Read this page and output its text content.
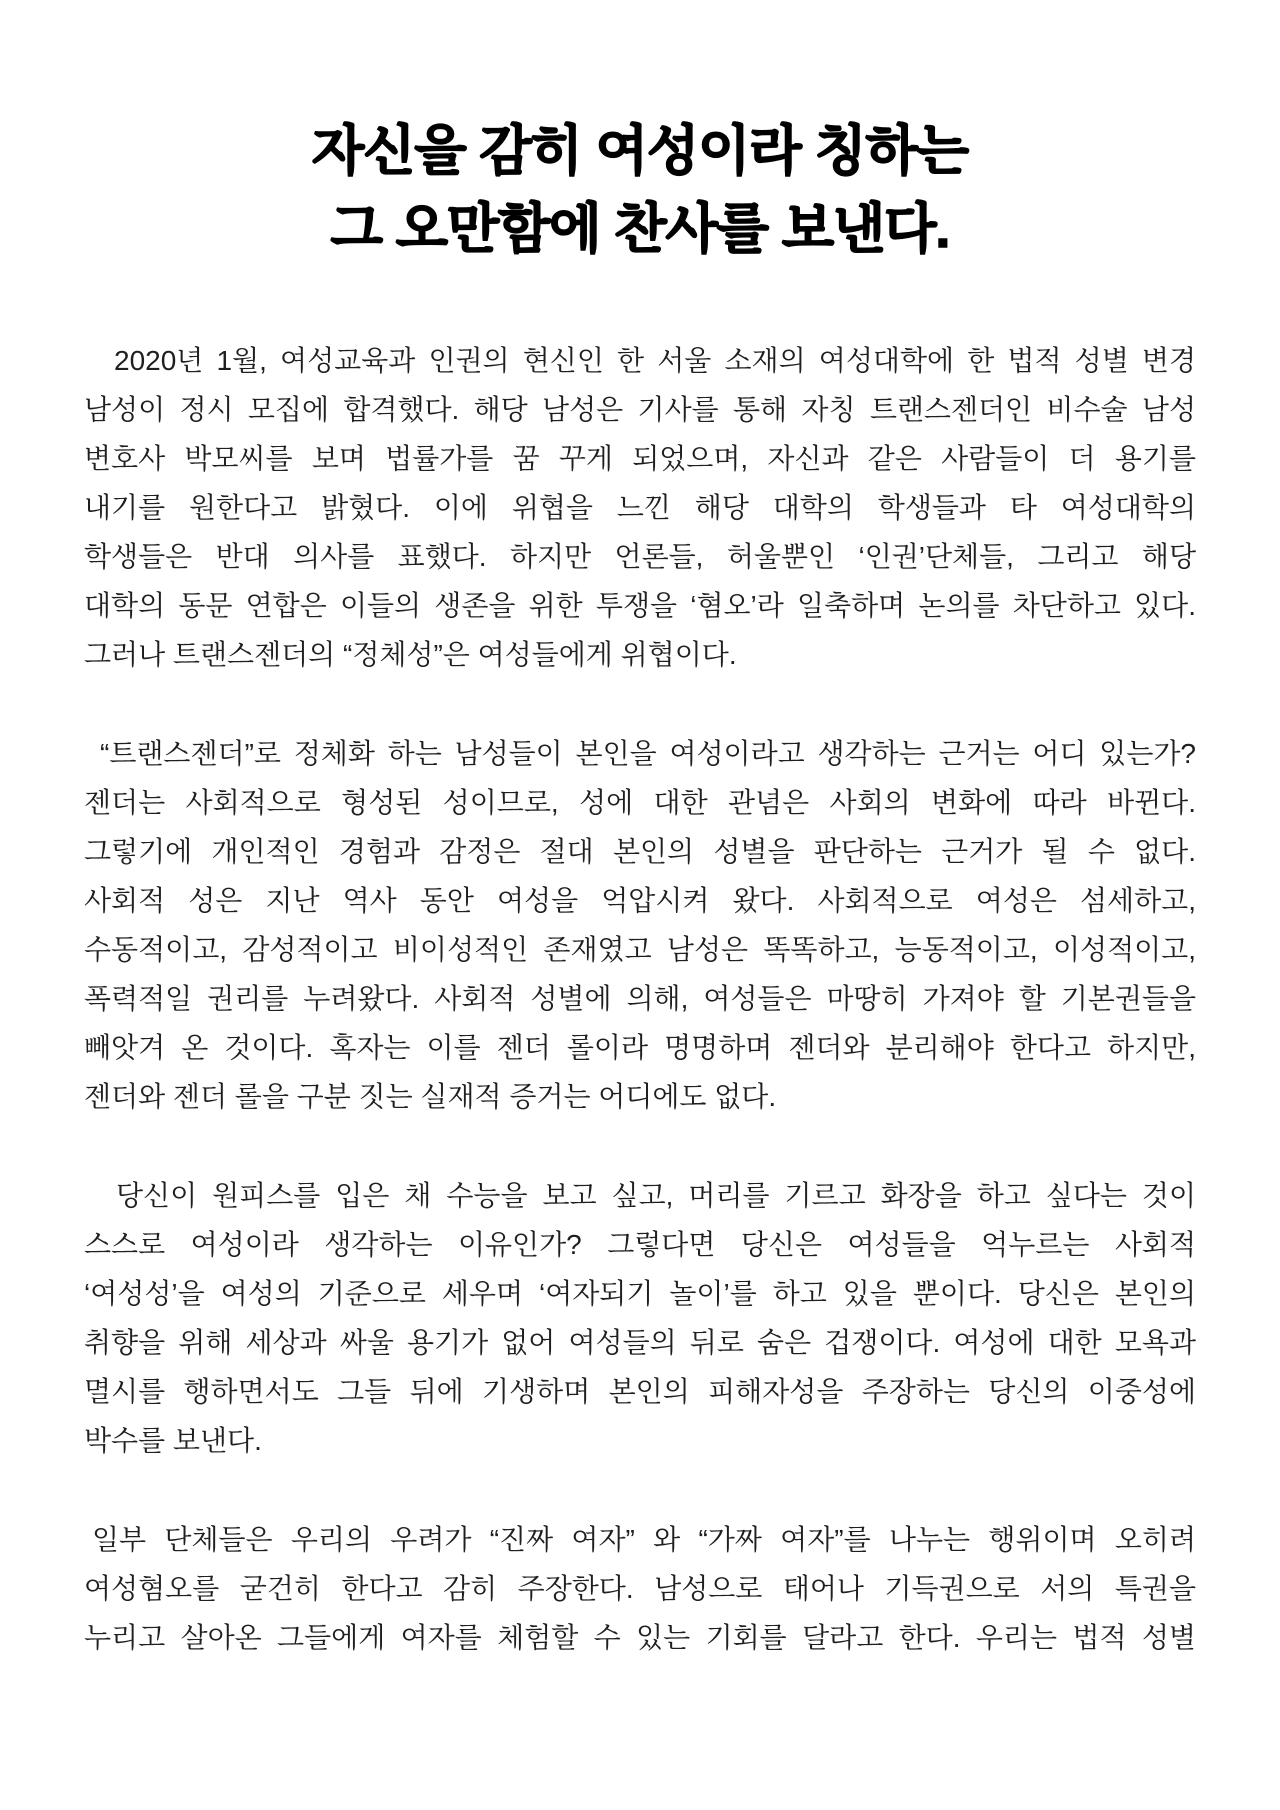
자신을 감히 여성이라 칭하는
그 오만함에 찬사를 보낸다.

2020년 1월, 여성교육과 인권의 현신인 한 서울 소재의 여성대학에 한 법적 성별 변경
남성이 정시 모집에 합격했다. 해당 남성은 기사를 통해 자칭 트랜스젠더인 비수술 남성
변호사 박모씨를 보며 법률가를 꿈 꾸게 되었으며, 자신과 같은 사람들이 더 용기를
내기를 원한다고 밝혔다. 이에 위협을 느낀 해당 대학의 학생들과 타 여성대학의
학생들은 반대 의사를 표했다. 하지만 언론들, 허울뿐인 ‘인권’단체들, 그리고 해당
대학의 동문 연합은 이들의 생존을 위한 투쟁을 ‘혐오’라 일축하며 논의를 차단하고 있다.
그러나 트랜스젠더의 “정체성”은 여성들에게 위협이다.

“트랜스젠더”로 정체화 하는 남성들이 본인을 여성이라고 생각하는 근거는 어디 있는가?
젠더는 사회적으로 형성된 성이므로, 성에 대한 관념은 사회의 변화에 따라 바뀐다.
그렇기에 개인적인 경험과 감정은 절대 본인의 성별을 판단하는 근거가 될 수 없다.
사회적 성은 지난 역사 동안 여성을 억압시켜 왔다. 사회적으로 여성은 섬세하고,
수동적이고, 감성적이고 비이성적인 존재였고 남성은 똑똑하고, 능동적이고, 이성적이고,
폭력적일 권리를 누려왔다. 사회적 성별에 의해, 여성들은 마땅히 가져야 할 기본권들을
빼앗겨 온 것이다. 혹자는 이를 젠더 롤이라 명명하며 젠더와 분리해야 한다고 하지만,
젠더와 젠더 롤을 구분 짓는 실재적 증거는 어디에도 없다.

당신이 원피스를 입은 채 수능을 보고 싶고, 머리를 기르고 화장을 하고 싶다는 것이
스스로 여성이라 생각하는 이유인가? 그렇다면 당신은 여성들을 억누르는 사회적
‘여성성’을 여성의 기준으로 세우며 ‘여자되기 놀이’를 하고 있을 뿐이다. 당신은 본인의
취향을 위해 세상과 싸울 용기가 없어 여성들의 뒤로 숨은 겁쟁이다. 여성에 대한 모욕과
멸시를 행하면서도 그들 뒤에 기생하며 본인의 피해자성을 주장하는 당신의 이중성에
박수를 보낸다.

일부 단체들은 우리의 우려가 “진짜 여자” 와 “가짜 여자”를 나누는 행위이며 오히려
여성혐오를 굳건히 한다고 감히 주장한다. 남성으로 태어나 기득권으로 서의 특권을
누리고 살아온 그들에게 여자를 체험할 수 있는 기회를 달라고 한다. 우리는 법적 성별
